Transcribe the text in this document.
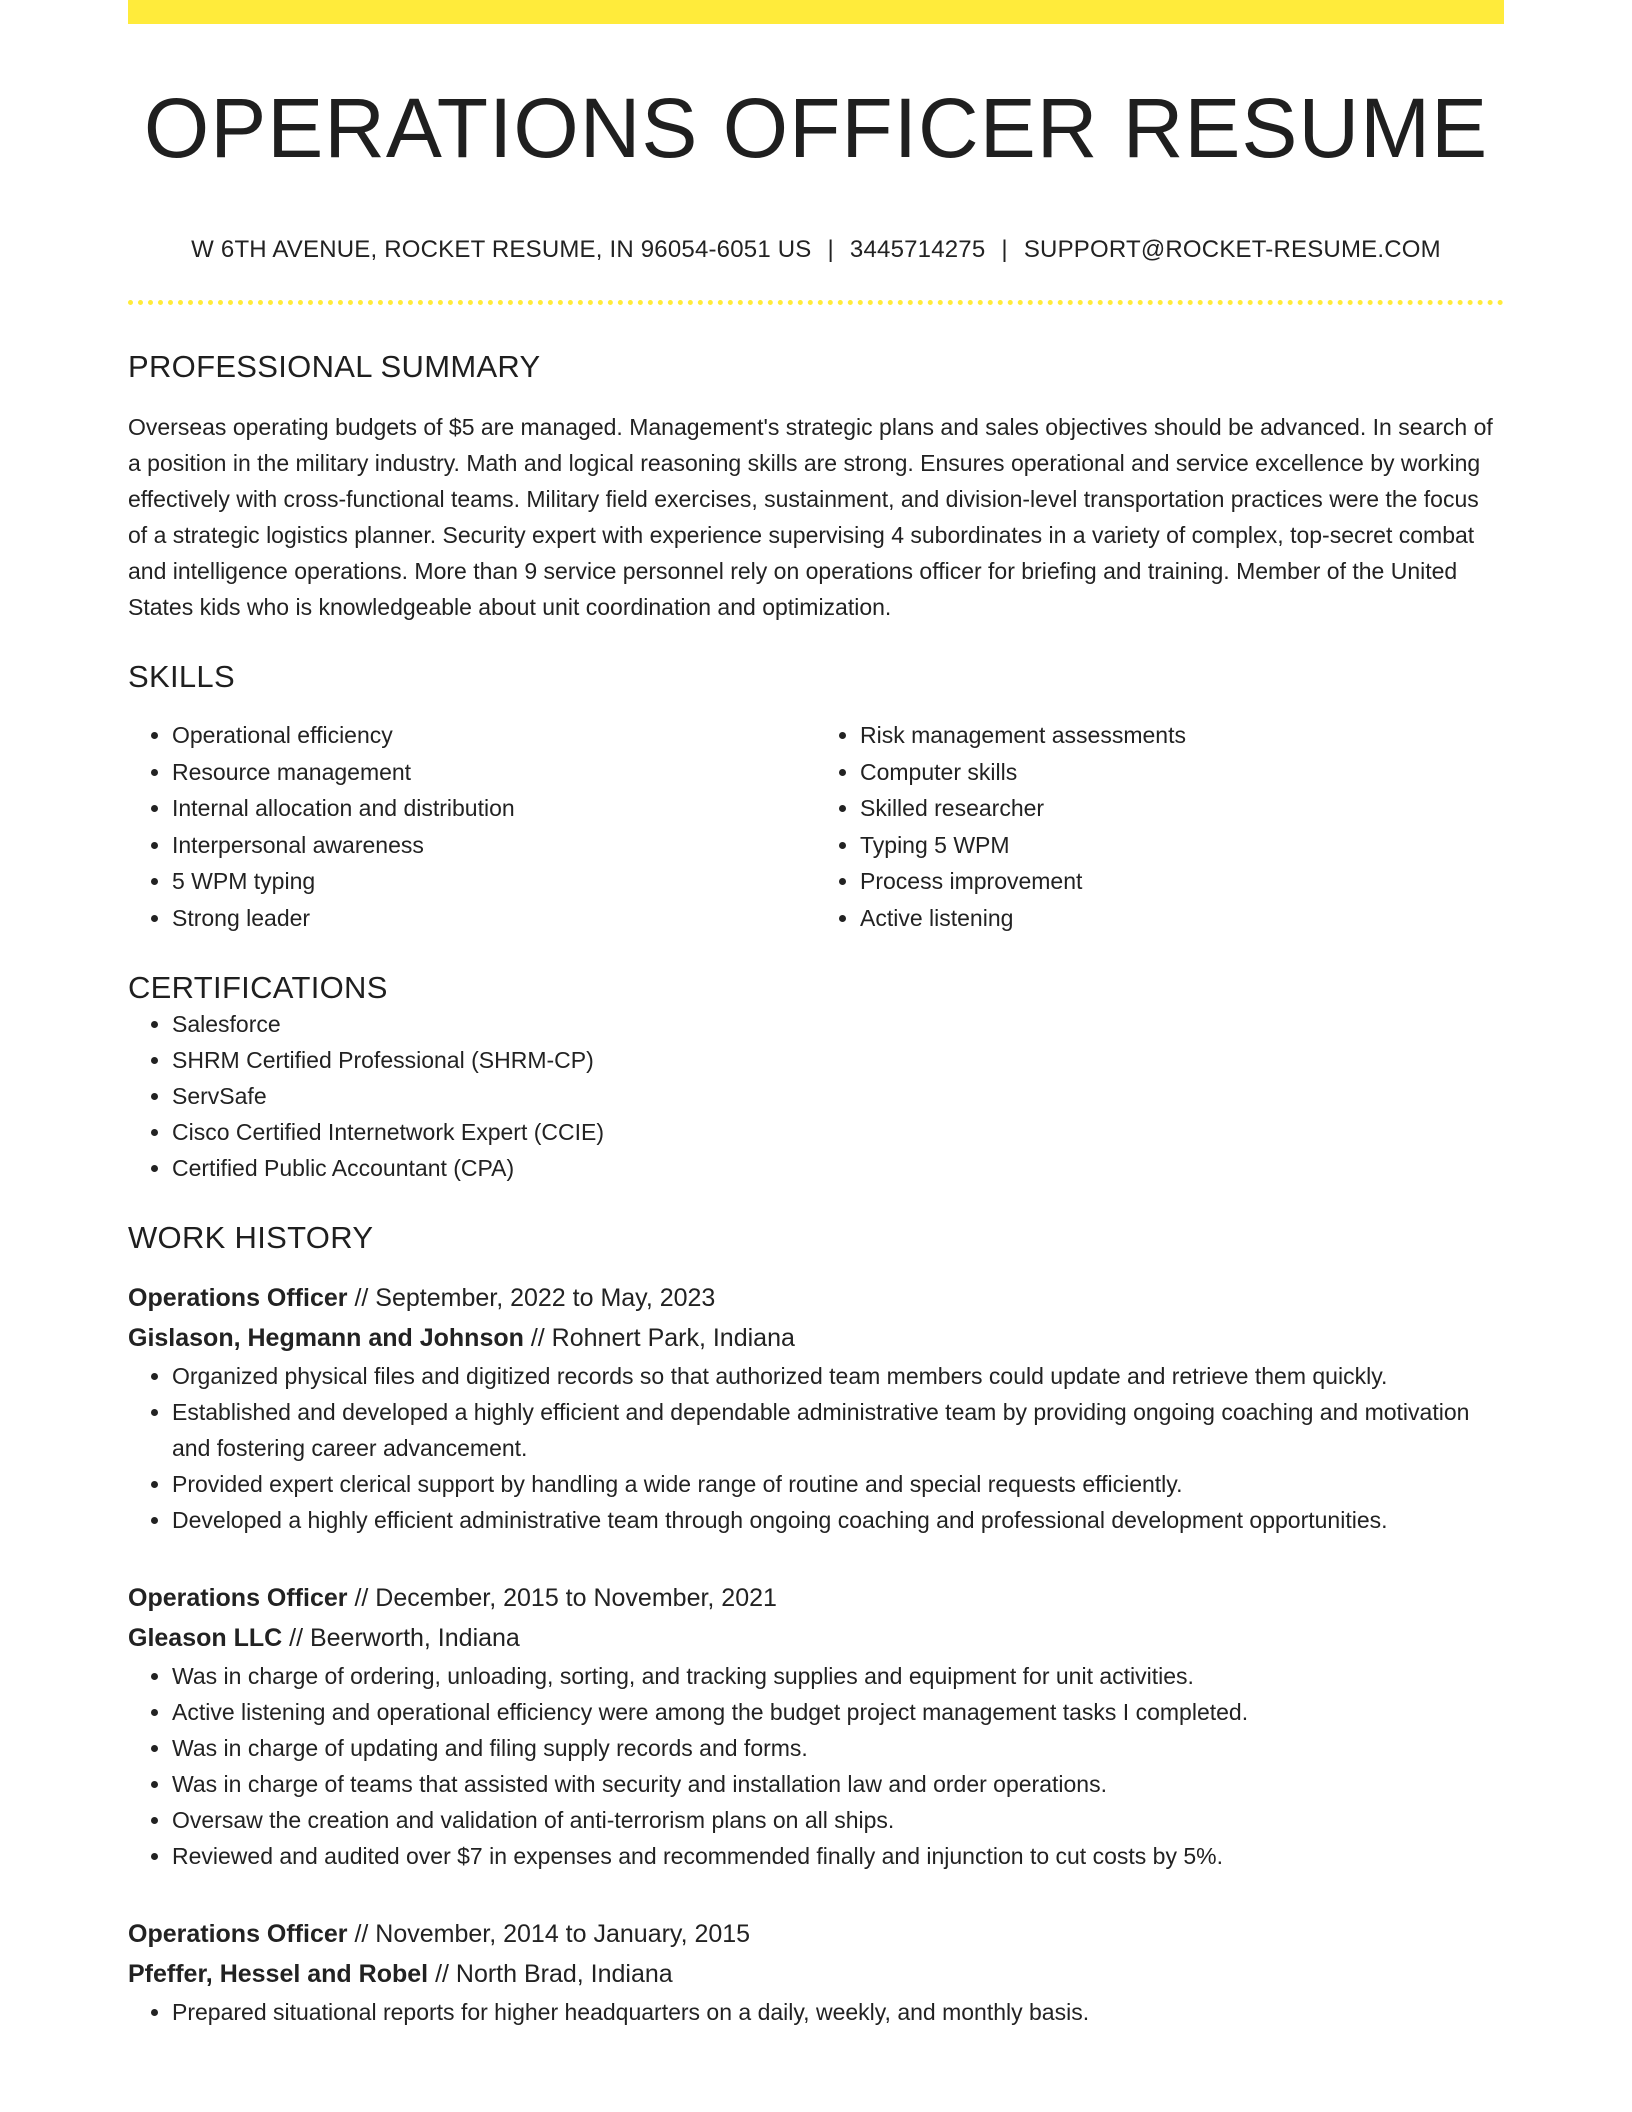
OPERATIONS OFFICER RESUME
W 6TH AVENUE, ROCKET RESUME, IN 96054-6051 US | 3445714275 | SUPPORT@ROCKET-RESUME.COM
PROFESSIONAL SUMMARY

Overseas operating budgets of $5 are managed. Management's strategic plans and sales objectives should be advanced. In search of a position in the military industry. Math and logical reasoning skills are strong. Ensures operational and service excellence by working effectively with cross-functional teams. Military field exercises, sustainment, and division-level transportation practices were the focus of a strategic logistics planner. Security expert with experience supervising 4 subordinates in a variety of complex, top-secret combat and intelligence operations. More than 9 service personnel rely on operations officer for briefing and training. Member of the United States kids who is knowledgeable about unit coordination and optimization.

SKILLS
• Operational efficiency
• Resource management
• Internal allocation and distribution
• Interpersonal awareness
• 5 WPM typing
• Strong leader
• Risk management assessments
• Computer skills
• Skilled researcher
• Typing 5 WPM
• Process improvement
• Active listening
CERTIFICATIONS
• Salesforce
• SHRM Certified Professional (SHRM-CP)
• ServSafe
• Cisco Certified Internetwork Expert (CCIE)
• Certified Public Accountant (CPA)
WORK HISTORY
Operations Officer // September, 2022 to May, 2023
Gislason, Hegmann and Johnson // Rohnert Park, Indiana
• Organized physical files and digitized records so that authorized team members could update and retrieve them quickly.
• Established and developed a highly efficient and dependable administrative team by providing ongoing coaching and motivation and fostering career advancement.
• Provided expert clerical support by handling a wide range of routine and special requests efficiently.
• Developed a highly efficient administrative team through ongoing coaching and professional development opportunities.
Operations Officer // December, 2015 to November, 2021
Gleason LLC // Beerworth, Indiana
• Was in charge of ordering, unloading, sorting, and tracking supplies and equipment for unit activities.
• Active listening and operational efficiency were among the budget project management tasks I completed.
• Was in charge of updating and filing supply records and forms.
• Was in charge of teams that assisted with security and installation law and order operations.
• Oversaw the creation and validation of anti-terrorism plans on all ships.
• Reviewed and audited over $7 in expenses and recommended finally and injunction to cut costs by 5%.
Operations Officer // November, 2014 to January, 2015
Pfeffer, Hessel and Robel // North Brad, Indiana
• Prepared situational reports for higher headquarters on a daily, weekly, and monthly basis.
